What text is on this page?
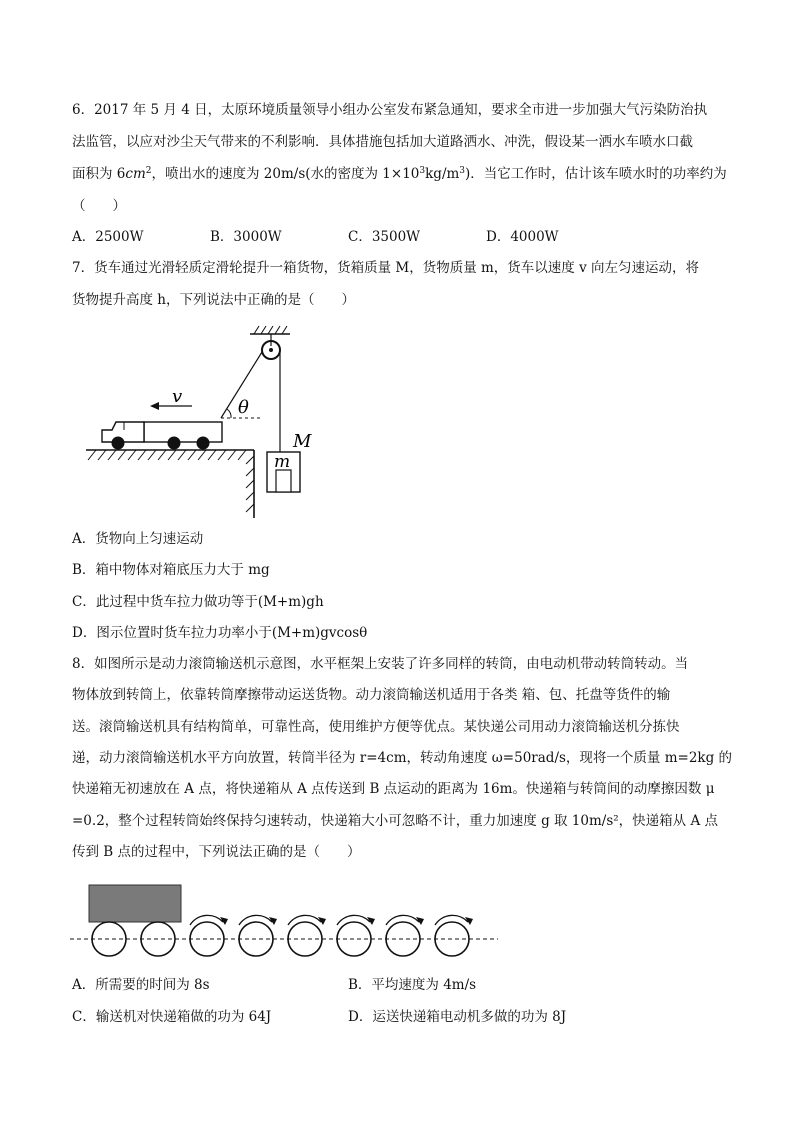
6．2017 年 5 月 4 日，太原环境质量领导小组办公室发布紧急通知，要求全市进一步加强大气污染防治执
法监管，以应对沙尘天气带来的不利影响．具体措施包括加大道路洒水、冲洗，假设某一洒水车喷水口截
面积为 $6cm^2$，喷出水的速度为 20m/s(水的密度为 $1\times 10^3kg/m^3$)．当它工作时，估计该车喷水时的功率约为
（　　）
A．2500W	B．3000W	C．3500W	D．4000W
7．货车通过光滑轻质定滑轮提升一箱货物，货箱质量 M，货物质量 m，货车以速度 v 向左匀速运动，将
货物提升高度 h，下列说法中正确的是（　　）
θ
v
m
M
A．货物向上匀速运动
B．箱中物体对箱底压力大于 mg
C．此过程中货车拉力做功等于(M+m)gh
D．图示位置时货车拉力功率小于(M+m)gvcosθ
8．如图所示是动力滚筒输送机示意图，水平框架上安装了许多同样的转筒，由电动机带动转筒转动。当
物体放到转筒上，依靠转筒摩擦带动运送货物。动力滚筒输送机适用于各类 箱、包、托盘等货件的输
送。滚筒输送机具有结构简单，可靠性高，使用维护方便等优点。某快递公司用动力滚筒输送机分拣快
递，动力滚筒输送机水平方向放置，转筒半径为 r=4cm，转动角速度 ω=50rad/s，现将一个质量 m=2kg 的
快递箱无初速放在 A 点，将快递箱从 A 点传送到 B 点运动的距离为 16m。快递箱与转筒间的动摩擦因数 μ
=0.2，整个过程转筒始终保持匀速转动，快递箱大小可忽略不计，重力加速度 g 取 10m/s²，快递箱从 A 点
传到 B 点的过程中，下列说法正确的是（　　）
A．所需要的时间为 8s	B．平均速度为 4m/s
C．输送机对快递箱做的功为 64J	D．运送快递箱电动机多做的功为 8J
